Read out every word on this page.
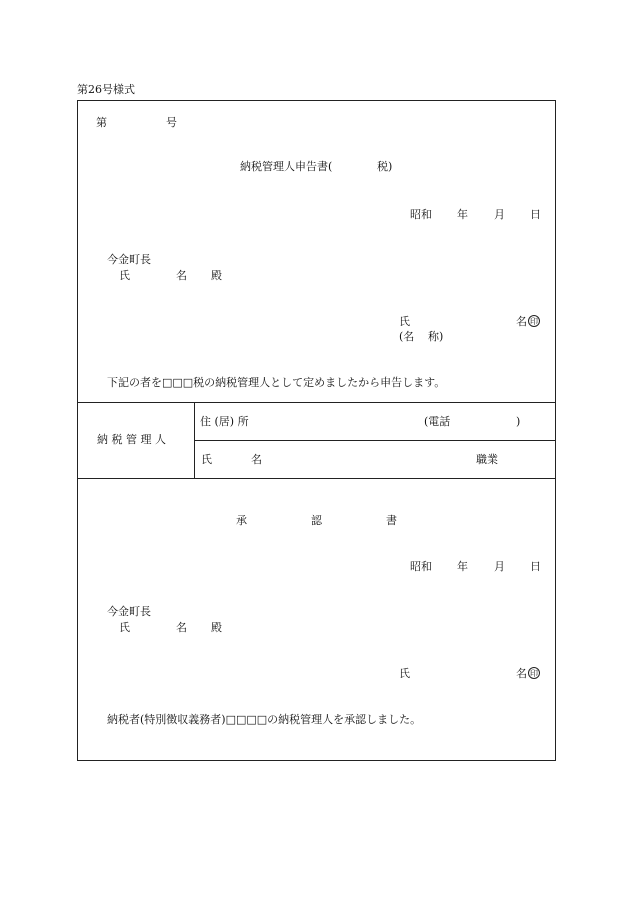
第26号様式
第	号
納税管理人申告書(	税)
昭和 年 月 日
今金町長
氏	名 殿
氏	名 印
(名 称)
下記の者を□□□税の納税管理人として定めましたから申告します。
納 税 管 理 人
住 (居) 所	(電話	)
氏	名	職業
承	認	書
昭和 年 月 日
今金町長
氏	名 殿
氏	名 印
納税者(特別徴収義務者)□□□□の納税管理人を承認しました。
